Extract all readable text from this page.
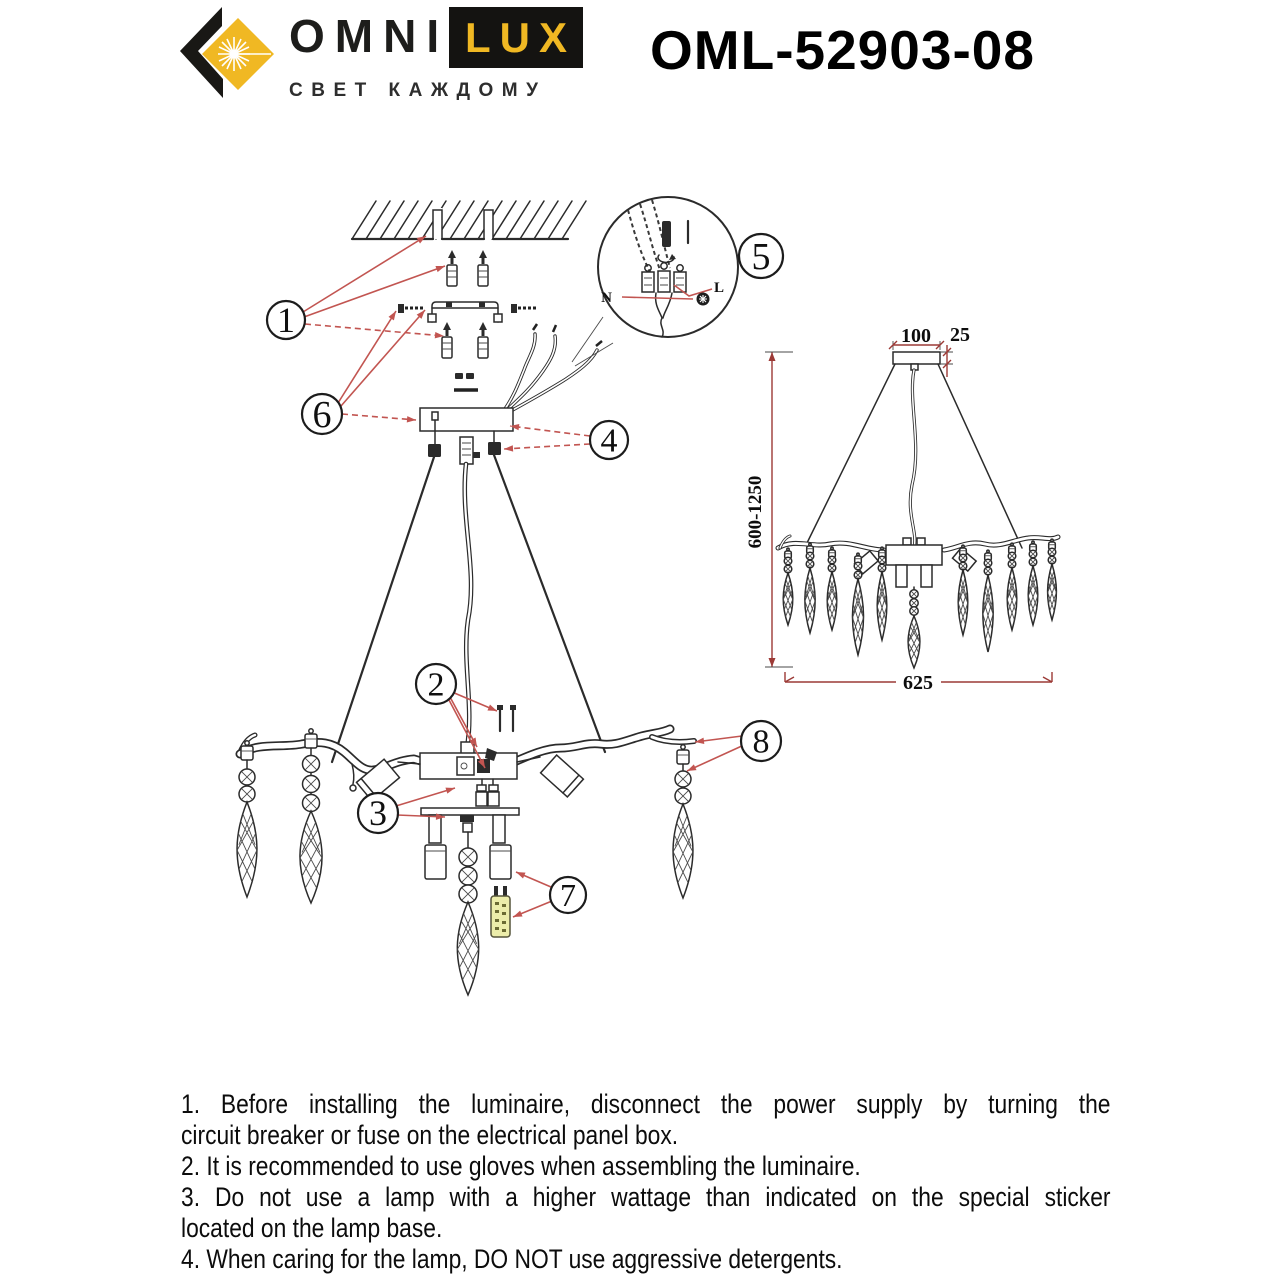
OMNI LUX
СВЕТ КАЖДОМУ
OML-52903-08
N
L
100 25
600-1250
625
1
2
3
4
5
6
7
8
1. Before installing the luminaire, disconnect the power supply by turning the
circuit breaker or fuse on the electrical panel box.
2. It is recommended to use gloves when assembling the luminaire.
3. Do not use a lamp with a higher wattage than indicated on the special sticker
located on the lamp base.
4. When caring for the lamp, DO NOT use aggressive detergents.
